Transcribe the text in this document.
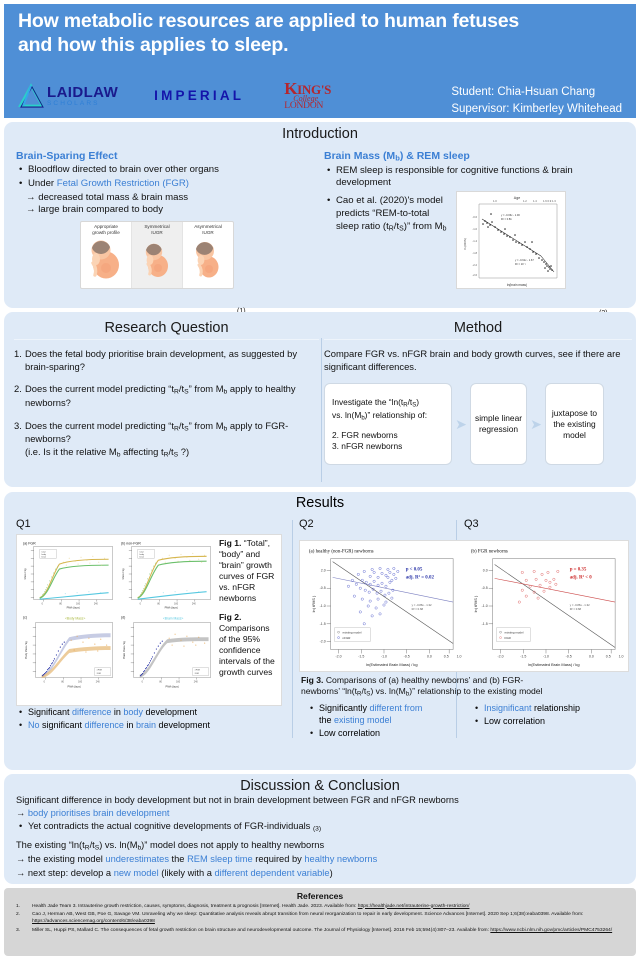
How metabolic resources are applied to human fetuses
and how this applies to sleep.
LAIDLAW
SCHOLARS	IMPERIAL KING'S
College
LONDON
Student: Chia-Hsuan Chang
Supervisor: Kimberley Whitehead
Introduction
Brain-Sparing Effect
• Bloodflow directed to brain over other organs
• Under Fetal Growth Restriction (FGR)
→ decreased total mass & brain mass
→ large brain compared to body
Appropriate
growth profile
Symmetrical
IUGR
Asymmetrical
IUGR
Brain Mass (Mb) & REM sleep
• REM sleep is responsible for cognitive functions & brain development
• Cao et al. (2020)'s model
predicts “REM-to-total
sleep ratio (tR/tS)” from Mb
Age
1.0	1.2 1.4 1.6 0.9 1.3
-0.6
-1.0
-1.4
-1.8
-2.2
-2.6
ln (tR/tS)
ln(brain mass)
y = -0.06x - 1.00
R² = 0.81
y = -0.91x - 1.67
R² = 10⁻¹
Research Question
1. Does the fetal body prioritise brain development, as suggested by brain-sparing?
2. Does the current model predicting “tR/tS” from Mb apply to healthy newborns?
3. Does the current model predicting “tR/tS” from Mb apply to FGR-newborns?
(i.e. Is it the relative Mb affecting tR/tS ?)
Method
Compare FGR vs. nFGR brain and body growth curves, see if there are significant differences.
Investigate the “ln(tR/tS)
vs. ln(Mb)” relationship of:
2. FGR newborns
3. nFGR newborns
➤ simple linear regression ➤
juxtapose to the existing model
Results
Q1
(a) FGR
0	80	160	240
PMA (days)
Mass / kg
total
body
brain
(b) non-FGR
0	80	160	240
PMA (days)
Mass / kg
total
body
brain
Fig 1. “Total”, “body” and “brain” growth curves of FGR vs. nFGR newborns
(c)	<Body Mass>
0	80	160	240
PMA (days)
Body Mass / kg
nFGR
FGR
(d)	<Brain Mass>
0	80	160	240
PMA (days)
Brain Mass / kg
nFGR
FGR
Fig 2. Comparisons of the 95% confidence intervals of the growth curves
• Significant difference in body development
• No significant difference in brain development
Q2	Q3
(a) healthy (non-FGR) newborns
2.0
-0.5
-1.0
-1.5
-2.0
-2.0	-1.5	-1.0	-0.5	0.0	0.5 1.0
ln( tR/tS )
ln(Estimated Brain Mass) / kg
p < 0.05
adj. R² = 0.02
y = -0.86x - 1.32
R² = 0.68
existing model
nFGR
(b) FGR newborns
0.0
-0.5
-1.0
-1.5
-2.0	-1.5	-1.0	-0.5	0.0	0.5 1.0
ln( tR/tS )
ln(Estimated Brain Mass) / kg
p = 0.35
adj. R² < 0
y = -0.86x - 1.32
R² = 0.68
existing model
FGR
Fig 3. Comparisons of (a) healthy newborns’ and (b) FGR-
newborns’ “ln(tR/tS) vs. ln(Mb)” relationship to the existing model
• Significantly different from
the existing model
• Low correlation
• Insignificant relationship
• Low correlation
Discussion & Conclusion
Significant difference in body development but not in brain development between FGR and nFGR newborns
→ body prioritises brain development
• Yet contradicts the actual cognitive developments of FGR-individuals (3)
The existing “ln(tR/tS) vs. ln(Mb)” model does not apply to healthy newborns
→ the existing model underestimates the REM sleep time required by healthy newborns
→ next step: develop a new model (likely with a different dependent variable)
References
1.	Health Jade Team 3. Intrauterine growth restriction, causes, symptoms, diagnosis, treatment & prognosis [Internet]. Health Jade. 2023. Available from: https://healthjade.net/intrauterine-growth-restriction/
2.	Cao J, Herman AB, West GB, Poe G, Savage VM. Unraveling why we sleep: Quantitative analysis reveals abrupt transition from neural reorganization to repair in early development. Science Advances [Internet]. 2020 Sep 1;6(38):eaba0398. Available from: https://advances.sciencemag.org/content/6/38/eaba0398
3.	Miller SL, Huppi PS, Mallard C. The consequences of fetal growth restriction on brain structure and neurodevelopmental outcome. The Journal of Physiology [Internet]. 2016 Feb 15;594(4):807–23. Available from: https://www.ncbi.nlm.nih.gov/pmc/articles/PMC4753264/
